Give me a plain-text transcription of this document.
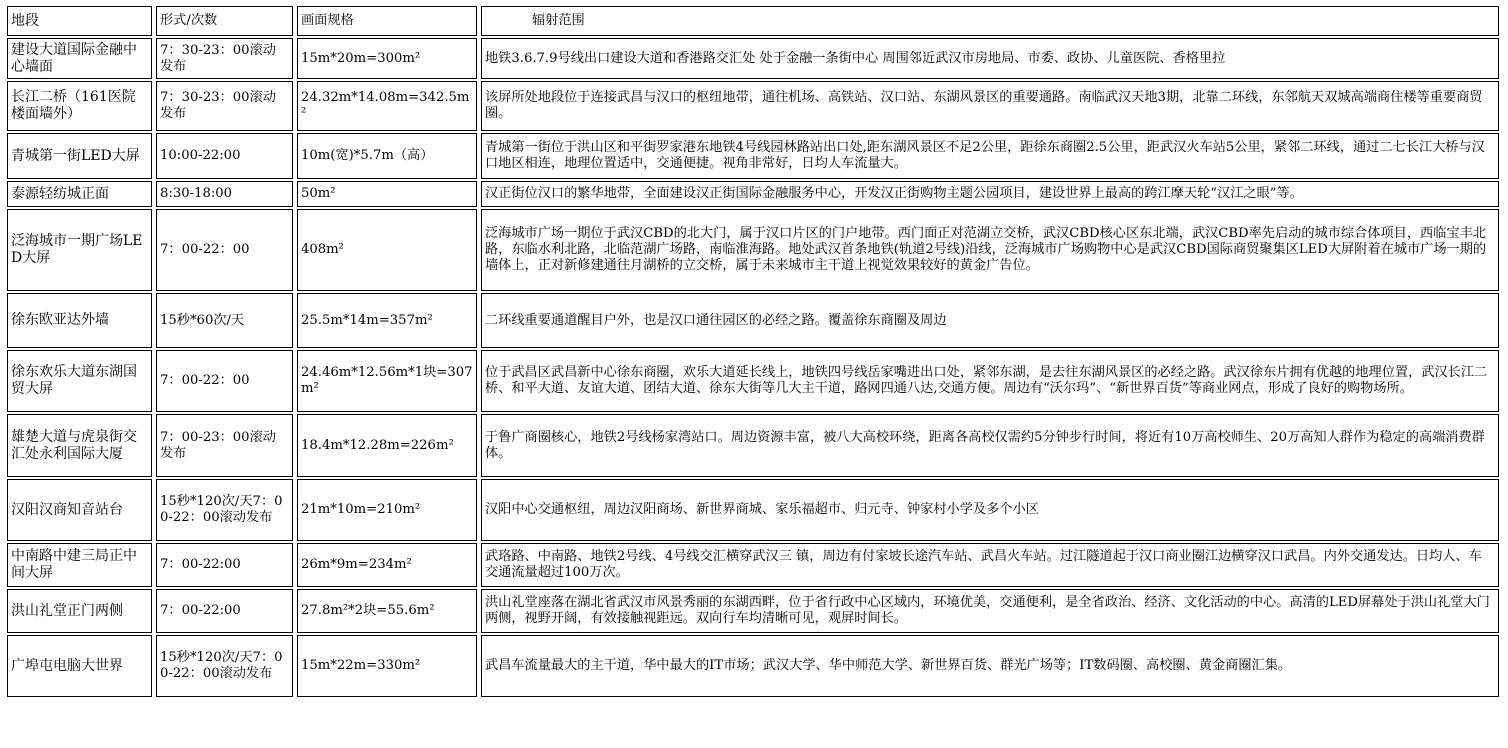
地段	形式/次数	画面规格	辐射范围
建设大道国际金融中心墙面	7：30-23：00滚动发布	15m*20m=300m²	地铁3.6.7.9号线出口建设大道和香港路交汇处 处于金融一条街中心 周围邻近武汉市房地局、市委、政协、儿童医院、香格里拉
长江二桥（161医院楼面墙外）	7：30-23：00滚动发布	24.32m*14.08m=342.5m²	该屏所处地段位于连接武昌与汉口的枢纽地带，通往机场、高铁站、汉口站、东湖风景区的重要通路。南临武汉天地3期，北靠二环线，东邻航天双城高端商住楼等重要商贸圈。
青城第一街LED大屏	10:00-22:00	10m(宽)*5.7m（高）	青城第一街位于洪山区和平街罗家港东地铁4号线园林路站出口处,距东湖风景区不足2公里，距徐东商圈2.5公里，距武汉火车站5公里，紧邻二环线，通过二七长江大桥与汉口地区相连，地理位置适中，交通便捷。视角非常好，日均人车流量大。
泰源轻纺城正面	8:30-18:00	50m²	汉正街位汉口的繁华地带，全面建设汉正街国际金融服务中心，开发汉正街购物主题公园项目，建设世界上最高的跨江摩天轮“汉江之眼”等。
泛海城市一期广场LED大屏	7：00-22：00	408m²	泛海城市广场一期位于武汉CBD的北大门，属于汉口片区的门户地带。西门面正对范湖立交桥，武汉CBD核心区东北端，武汉CBD率先启动的城市综合体项目，西临宝丰北路，东临水利北路，北临范湖广场路，南临淮海路。地处武汉首条地铁(轨道2号线)沿线，泛海城市广场购物中心是武汉CBD国际商贸聚集区LED大屏附着在城市广场一期的墙体上，正对新修建通往月湖桥的立交桥，属于未来城市主干道上视觉效果较好的黄金广告位。
徐东欧亚达外墙	15秒*60次/天	25.5m*14m=357m²	二环线重要通道醒目户外，也是汉口通往园区的必经之路。覆盖徐东商圈及周边
徐东欢乐大道东湖国贸大屏	7：00-22：00	24.46m*12.56m*1块=307m²	位于武昌区武昌新中心徐东商圈，欢乐大道延长线上，地铁四号线岳家嘴进出口处，紧邻东湖，是去往东湖风景区的必经之路。武汉徐东片拥有优越的地理位置，武汉长江二桥、和平大道、友谊大道、团结大道、徐东大街等几大主干道，路网四通八达,交通方便。周边有“沃尔玛”、“新世界百货”等商业网点，形成了良好的购物场所。
雄楚大道与虎泉街交汇处永利国际大厦	7：00-23：00滚动发布	18.4m*12.28m=226m²	于鲁广商圈核心，地铁2号线杨家湾站口。周边资源丰富，被八大高校环绕，距离各高校仅需约5分钟步行时间，将近有10万高校师生、20万高知人群作为稳定的高端消费群体。
汉阳汉商知音站台	15秒*120次/天7：00-22：00滚动发布	21m*10m=210m²	汉阳中心交通枢纽，周边汉阳商场、新世界商城、家乐福超市、归元寺、钟家村小学及多个小区
中南路中建三局正中间大屏	7：00-22:00	26m*9m=234m²	武珞路、中南路、地铁2号线、4号线交汇横穿武汉三 镇，周边有付家坡长途汽车站、武昌火车站。过江隧道起于汉口商业圈江边横穿汉口武昌。内外交通发达。日均人、车交通流量超过100万次。
洪山礼堂正门两侧	7：00-22:00	27.8m²*2块=55.6m²	洪山礼堂座落在湖北省武汉市风景秀丽的东湖西畔，位于省行政中心区域内，环境优美，交通便利，是全省政治、经济、文化活动的中心。高清的LED屏幕处于洪山礼堂大门两侧，视野开阔，有效接触视距远。双向行车均清晰可见，观屏时间长。
广埠屯电脑大世界	15秒*120次/天7：00-22：00滚动发布	15m*22m=330m²	武昌车流量最大的主干道，华中最大的IT市场；武汉大学、华中师范大学、新世界百货、群光广场等；IT数码圈、高校圈、黄金商圈汇集。
